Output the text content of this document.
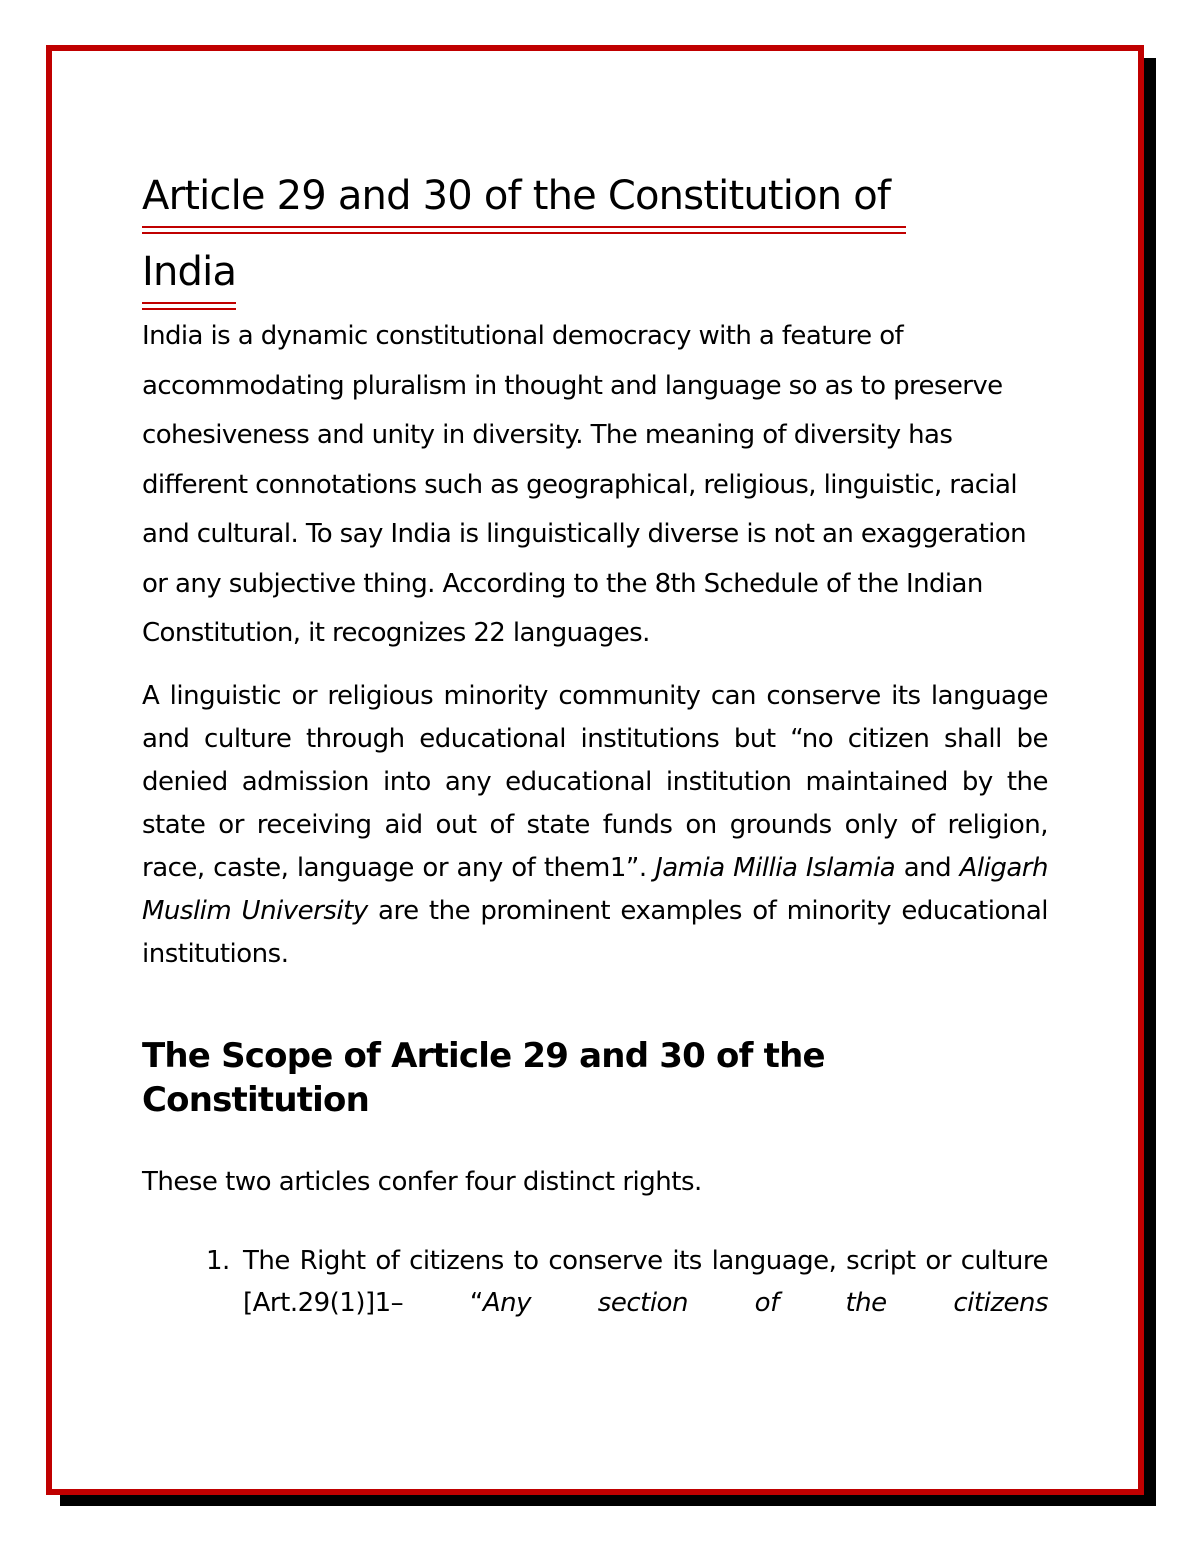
Article 29 and 30 of the Constitution of
India

India is a dynamic constitutional democracy with a feature of accommodating pluralism in thought and language so as to preserve cohesiveness and unity in diversity. The meaning of diversity has different connotations such as geographical, religious, linguistic, racial and cultural. To say India is linguistically diverse is not an exaggeration or any subjective thing. According to the 8th Schedule of the Indian Constitution, it recognizes 22 languages.

A linguistic or religious minority community can conserve its language and culture through educational institutions but “no citizen shall be denied admission into any educational institution maintained by the state or receiving aid out of state funds on grounds only of religion, race, caste, language or any of them1”. Jamia Millia Islamia and Aligarh Muslim University are the prominent examples of minority educational institutions.

The Scope of Article 29 and 30 of the Constitution

These two articles confer four distinct rights.

1. The Right of citizens to conserve its language, script or culture [Art.29(1)]1– “Any section of the citizens
